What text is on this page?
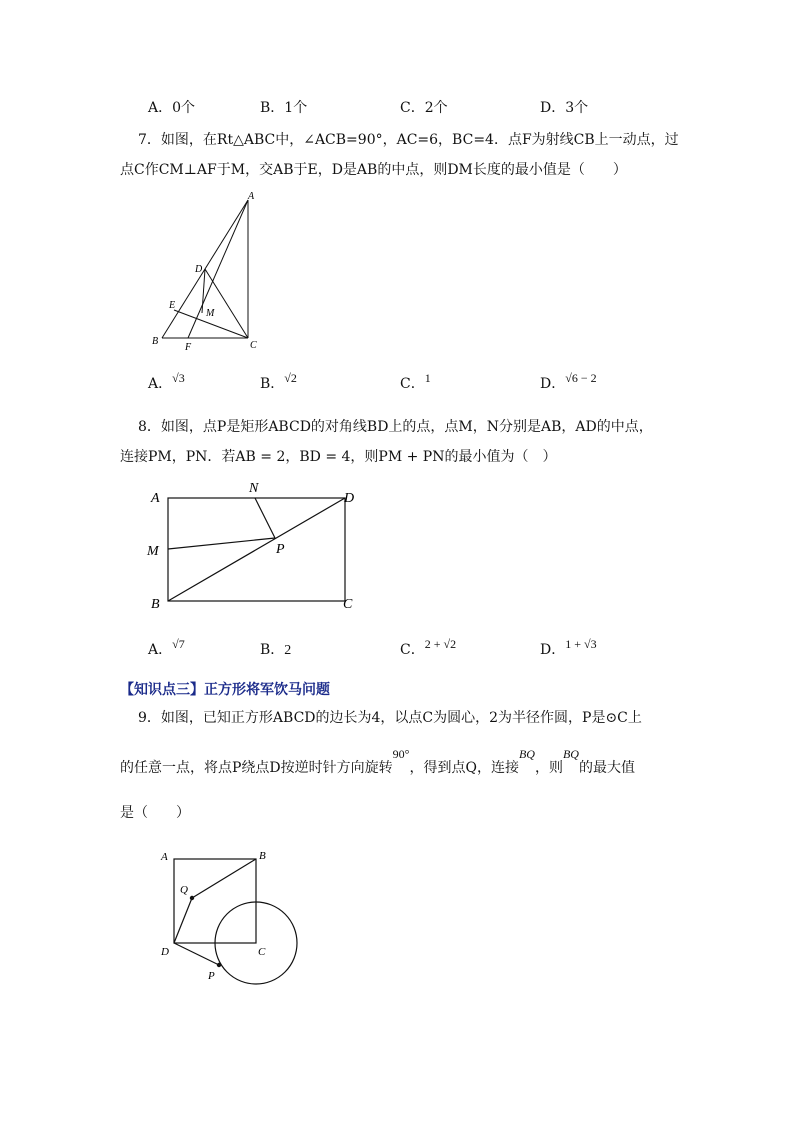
A．0个	B．1个	C．2个	D．3个
7．如图，在Rt△ABC中，∠ACB=90°，AC=6，BC=4．点F为射线CB上一动点，过
点C作CM⊥AF于M，交AB于E，D是AB的中点，则DM长度的最小值是（　　）
A
B	C
D
E
F
M
A．√3	B．√2	C．1	D．√6 − 2
8．如图，点P是矩形ABCD的对角线BD上的点，点M，N分别是AB，AD的中点，
连接PM，PN．若AB = 2，BD = 4，则PM + PN的最小值为（　）
A
B	C
D
M
N
P
A．√7	B．2	C．2 + √2	D．1 + √3
【知识点三】正方形将军饮马问题
9．如图，已知正方形ABCD的边长为4，以点C为圆心，2为半径作圆，P是⊙C上
的任意一点，将点P绕点D按逆时针方向旋转90°，得到点Q，连接BQ，则BQ的最大值
是（　　）
A	B
C
D
P
Q
